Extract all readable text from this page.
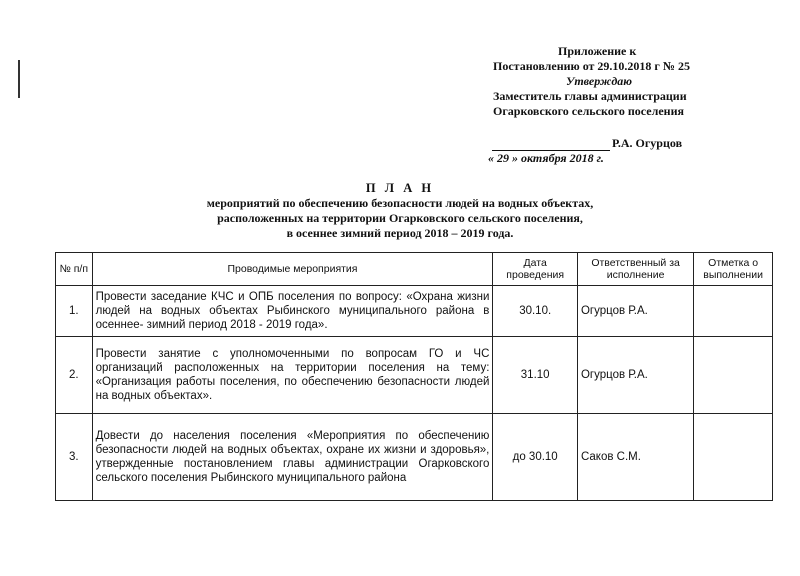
Приложение к
Постановлению от 29.10.2018 г № 25
Утверждаю
Заместитель главы администрации
Огарковского сельского поселения
Р.А. Огурцов
« 29 » октября 2018 г.
П Л А Н
мероприятий по обеспечению безопасности людей на водных объектах,
расположенных на территории Огарковского сельского поселения,
в осеннее зимний период 2018 – 2019 года.
№ п/п	Проводимые мероприятия	Дата проведения	Ответственный за исполнение	Отметка о выполнении
1.	Провести заседание КЧС и ОПБ поселения по вопросу: «Охрана жизни людей на водных объектах Рыбинского муниципального района в осеннее- зимний период 2018 - 2019 года».	30.10.	Огурцов Р.А.	
2.	Провести занятие с уполномоченными по вопросам ГО и ЧС организаций расположенных на территории поселения на тему: «Организация работы поселения, по обеспечению безопасности людей на водных объектах».	31.10	Огурцов Р.А.	
3.	Довести до населения поселения «Мероприятия по обеспечению безопасности людей на водных объектах, охране их жизни и здоровья», утвержденные постановлением главы администрации Огарковского сельского поселения Рыбинского муниципального района	до 30.10	Саков С.М.	
